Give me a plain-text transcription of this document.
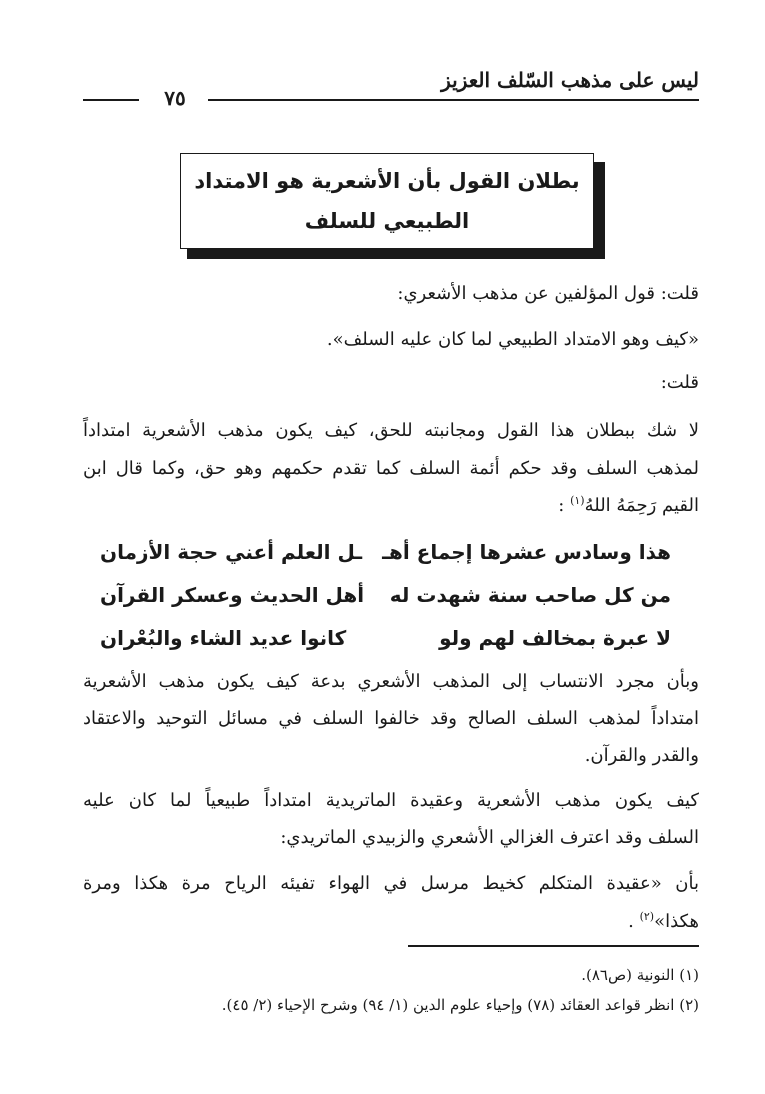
ليس على مذهب السّلف العزيز
٧٥
بطلان القول بأن الأشعرية هو الامتداد
الطبيعي للسلف
قلت: قول المؤلفين عن مذهب الأشعري:
«كيف وهو الامتداد الطبيعي لما كان عليه السلف».
قلت:
لا شك ببطلان هذا القول ومجانبته للحق، كيف يكون مذهب الأشعرية امتداداً
لمذهب السلف وقد حكم أئمة السلف كما تقدم حكمهم وهو حق، وكما قال ابن
القيم رَحِمَهُ اللهُ$^{(١)}$ :
هذا وسادس عشرها إجماع أهـ
ـل العلم أعني حجة الأزمان
من كل صاحب سنة شهدت له
أهل الحديث وعسكر القرآن
لا عبرة بمخالف لهم ولو
كانوا عديد الشاء والبُعْران
وبأن مجرد الانتساب إلى المذهب الأشعري بدعة كيف يكون مذهب الأشعرية
امتداداً لمذهب السلف الصالح وقد خالفوا السلف في مسائل التوحيد والاعتقاد
والقدر والقرآن.
كيف يكون مذهب الأشعرية وعقيدة الماتريدية امتداداً طبيعياً لما كان عليه
السلف وقد اعترف الغزالي الأشعري والزبيدي الماتريدي:
بأن «عقيدة المتكلم كخيط مرسل في الهواء تفيئه الرياح مرة هكذا ومرة
هكذا»$^{(٢)}$ .
(١) النونية (ص٨٦).
(٢) انظر قواعد العقائد (٧٨) وإحياء علوم الدين (١/ ٩٤) وشرح الإحياء (٢/ ٤٥).
